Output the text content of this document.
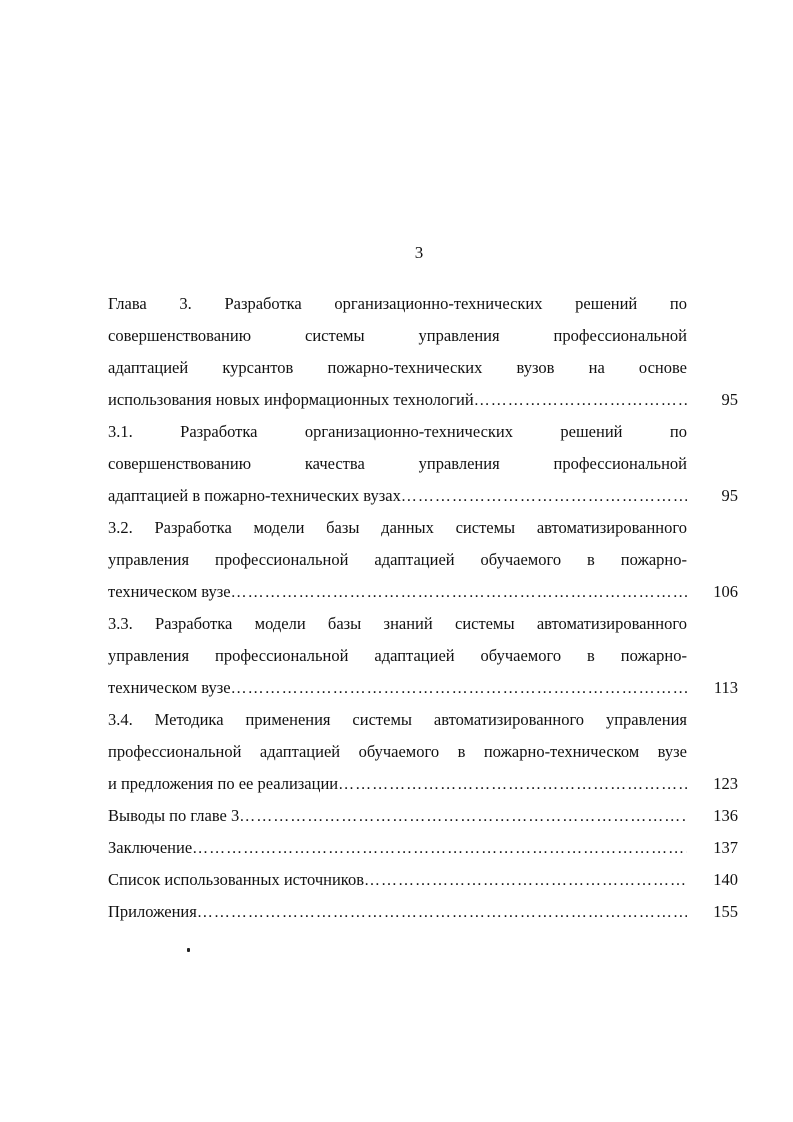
3
Глава 3. Разработка организационно-технических решений по
совершенствованию системы управления профессиональной
адаптацией курсантов пожарно-технических вузов на основе
использования новых информационных технологий …………………………………………………………………………………………………………………………………………	95
3.1. Разработка организационно-технических решений по
совершенствованию качества управления профессиональной
адаптацией в пожарно-технических вузах …………………………………………………………………………………………………………………………………………	95
3.2. Разработка модели базы данных системы автоматизированного
управления профессиональной адаптацией обучаемого в пожарно-
техническом вузе …………………………………………………………………………………………………………………………………………	106
3.3. Разработка модели базы знаний системы автоматизированного
управления профессиональной адаптацией обучаемого в пожарно-
техническом вузе …………………………………………………………………………………………………………………………………………	113
3.4. Методика применения системы автоматизированного управления
профессиональной адаптацией обучаемого в пожарно-техническом вузе
и предложения по ее реализации …………………………………………………………………………………………………………………………………………	123
Выводы по главе 3 …………………………………………………………………………………………………………………………………………	136
Заключение …………………………………………………………………………………………………………………………………………	137
Список использованных источников …………………………………………………………………………………………………………………………………………	140
Приложения …………………………………………………………………………………………………………………………………………	155
